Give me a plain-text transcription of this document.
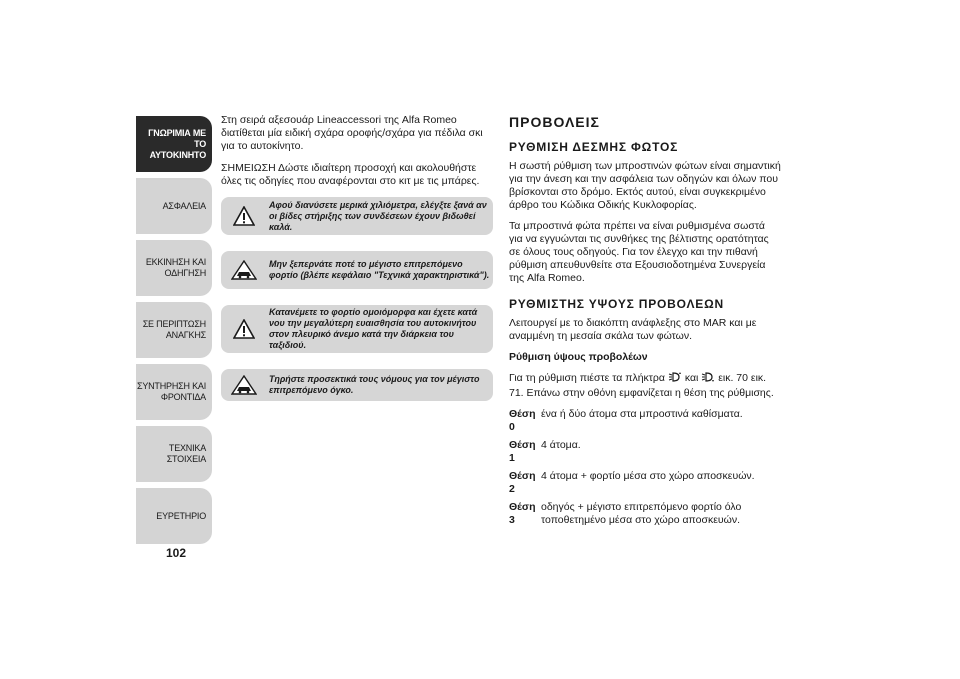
ΓΝΩΡΙΜΙΑ ΜΕ ΤΟ ΑΥΤΟΚΙΝΗΤΟ
ΑΣΦΑΛΕΙΑ
ΕΚΚΙΝΗΣΗ ΚΑΙ ΟΔΗΓΗΣΗ
ΣΕ ΠΕΡΙΠΤΩΣΗ ΑΝΑΓΚΗΣ
ΣΥΝΤΗΡΗΣΗ ΚΑΙ ΦΡΟΝΤΙΔΑ
ΤΕΧΝΙΚΑ ΣΤΟΙΧΕΙΑ
ΕΥΡΕΤΗΡΙΟ
102

Στη σειρά αξεσουάρ Lineaccessori της Alfa Romeo διατίθεται μία ειδική σχάρα οροφής/σχάρα για πέδιλα σκι για το αυτοκίνητο.

ΣΗΜΕΙΩΣΗ Δώστε ιδιαίτερη προσοχή και ακολουθήστε όλες τις οδηγίες που αναφέρονται στο κιτ με τις μπάρες.

Αφού διανύσετε μερικά χιλιόμετρα, ελέγξτε ξανά αν οι βίδες στήριξης των συνδέσεων έχουν βιδωθεί καλά.
Μην ξεπερνάτε ποτέ το μέγιστο επιτρεπόμενο φορτίο (βλέπε κεφάλαιο "Τεχνικά χαρακτηριστικά").
Κατανέμετε το φορτίο ομοιόμορφα και έχετε κατά νου την μεγαλύτερη ευαισθησία του αυτοκινήτου στον πλευρικό άνεμο κατά την διάρκεια του ταξιδιού.
Τηρήστε προσεκτικά τους νόμους για τον μέγιστο επιτρεπόμενο όγκο.
ΠΡΟΒΟΛΕΙΣ
ΡΥΘΜΙΣΗ ΔΕΣΜΗΣ ΦΩΤΟΣ

Η σωστή ρύθμιση των μπροστινών φώτων είναι σημαντική για την άνεση και την ασφάλεια των οδηγών και όλων που βρίσκονται στο δρόμο. Εκτός αυτού, είναι συγκεκριμένο άρθρο του Κώδικα Οδικής Κυκλοφορίας.

Τα μπροστινά φώτα πρέπει να είναι ρυθμισμένα σωστά για να εγγυώνται τις συνθήκες της βέλτιστης ορατότητας σε όλους τους οδηγούς. Για τον έλεγχο και την πιθανή ρύθμιση απευθυνθείτε στα Εξουσιοδοτημένα Συνεργεία της Alfa Romeo.

ΡΥΘΜΙΣΤΗΣ ΥΨΟΥΣ ΠΡΟΒΟΛΕΩΝ

Λειτουργεί με το διακόπτη ανάφλεξης στο MAR και με αναμμένη τη μεσαία σκάλα των φώτων.

Ρύθμιση ύψους προβολέων

Για τη ρύθμιση πιέστε τα πλήκτρα και εικ. 70 εικ. 71. Επάνω στην οθόνη εμφανίζεται η θέση της ρύθμισης.

Θέση 0
ένα ή δύο άτομα στα μπροστινά καθίσματα.
Θέση 1
4 άτομα.
Θέση 2
4 άτομα + φορτίο μέσα στο χώρο αποσκευών.
Θέση 3
οδηγός + μέγιστο επιτρεπόμενο φορτίο όλο τοποθετημένο μέσα στο χώρο αποσκευών.
